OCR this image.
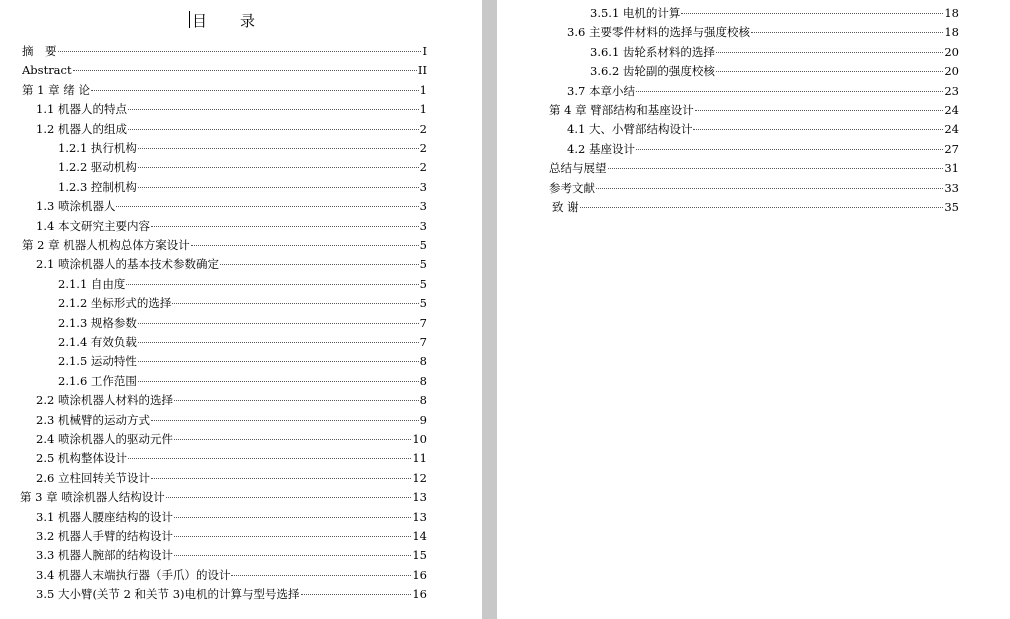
目 录
摘　要	I
Abstract	II
第 1 章 绪 论	1
1.1 机器人的特点	1
1.2 机器人的组成	2
1.2.1 执行机构	2
1.2.2 驱动机构	2
1.2.3 控制机构	3
1.3 喷涂机器人	3
1.4 本文研究主要内容	3
第 2 章 机器人机构总体方案设计	5
2.1 喷涂机器人的基本技术参数确定	5
2.1.1 自由度	5
2.1.2 坐标形式的选择	5
2.1.3 规格参数	7
2.1.4 有效负载	7
2.1.5 运动特性	8
2.1.6 工作范围	8
2.2 喷涂机器人材料的选择	8
2.3 机械臂的运动方式	9
2.4 喷涂机器人的驱动元件	10
2.5 机构整体设计	11
2.6 立柱回转关节设计	12
第 3 章 喷涂机器人结构设计	13
3.1 机器人腰座结构的设计	13
3.2 机器人手臂的结构设计	14
3.3 机器人腕部的结构设计	15
3.4 机器人末端执行器（手爪）的设计	16
3.5 大小臂(关节 2 和关节 3)电机的计算与型号选择	16
3.5.1 电机的计算	18
3.6 主要零件材料的选择与强度校核	18
3.6.1 齿轮系材料的选择	20
3.6.2 齿轮副的强度校核	20
3.7 本章小结	23
第 4 章 臂部结构和基座设计	24
4.1 大、小臂部结构设计	24
4.2 基座设计	27
总结与展望	31
参考文献	33
致 谢	35
